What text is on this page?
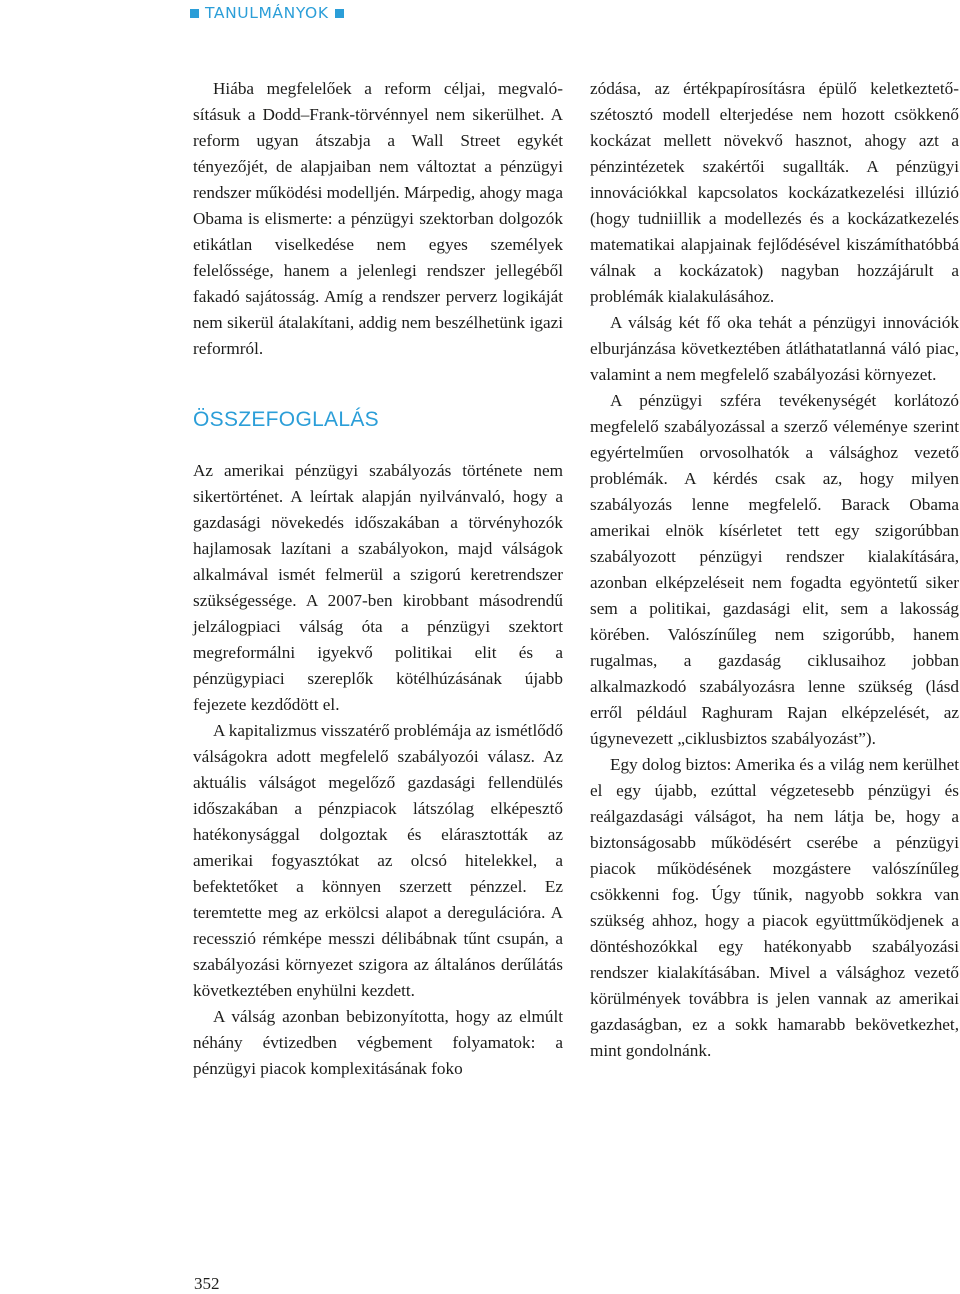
TANULMÁNYOK

Hiába megfelelőek a reform céljai, megvalósításuk a Dodd–Frank-törvénnyel nem sikerülhet. A reform ugyan átszabja a Wall Street egykét tényezőjét, de alapjaiban nem változtat a pénzügyi rendszer működési modelljén. Márpedig, ahogy maga Obama is elismerte: a pénzügyi szektorban dolgozók etikátlan viselkedése nem egyes személyek felelőssége, hanem a jelenlegi rendszer jellegéből fakadó sajátosság. Amíg a rendszer perverz logikáját nem sikerül átalakítani, addig nem beszélhetünk igazi reformról.

ÖSSZEFOGLALÁS

Az amerikai pénzügyi szabályozás története nem sikertörténet. A leírtak alapján nyilvánvaló, hogy a gazdasági növekedés időszakában a törvényhozók hajlamosak lazítani a szabályokon, majd válságok alkalmával ismét felmerül a szigorú keretrendszer szükségessége. A 2007-ben kirobbant másodrendű jelzálogpiaci válság óta a pénzügyi szektort megreformálni igyekvő politikai elit és a pénzügypiaci szereplők kötélhúzásának újabb fejezete kezdődött el.

A kapitalizmus visszatérő problémája az ismétlődő válságokra adott megfelelő szabályozói válasz. Az aktuális válságot megelőző gazdasági fellendülés időszakában a pénzpiacok látszólag elképesztő hatékonysággal dolgoztak és elárasztották az amerikai fogyasztókat az olcsó hitelekkel, a befektetőket a könnyen szerzett pénzzel. Ez teremtette meg az erkölcsi alapot a deregulációra. A recesszió rémképe messzi délibábnak tűnt csupán, a szabályozási környezet szigora az általános derűlátás következtében enyhülni kezdett.

A válság azonban bebizonyította, hogy az elmúlt néhány évtizedben végbement folyamatok: a pénzügyi piacok komplexitásának foko

zódása, az értékpapírosításra épülő keletkeztető-szétosztó modell elterjedése nem hozott csökkenő kockázat mellett növekvő hasznot, ahogy azt a pénzintézetek szakértői sugallták. A pénzügyi innovációkkal kapcsolatos kockázatkezelési illúzió (hogy tudniillik a modellezés és a kockázatkezelés matematikai alapjainak fejlődésével kiszámíthatóbbá válnak a kockázatok) nagyban hozzájárult a problémák kialakulásához.

A válság két fő oka tehát a pénzügyi innovációk elburjánzása következtében átláthatatlanná váló piac, valamint a nem megfelelő szabályozási környezet.

A pénzügyi szféra tevékenységét korlátozó megfelelő szabályozással a szerző véleménye szerint egyértelműen orvosolhatók a válsághoz vezető problémák. A kérdés csak az, hogy milyen szabályozás lenne megfelelő. Barack Obama amerikai elnök kísérletet tett egy szigorúbban szabályozott pénzügyi rendszer kialakítására, azonban elképzeléseit nem fogadta egyöntetű siker sem a politikai, gazdasági elit, sem a lakosság körében. Valószínűleg nem szigorúbb, hanem rugalmas, a gazdaság ciklusaihoz jobban alkalmazkodó szabályozásra lenne szükség (lásd erről például Raghuram Rajan elképzelését, az úgynevezett „ciklusbiztos szabályozást”).

Egy dolog biztos: Amerika és a világ nem kerülhet el egy újabb, ezúttal végzetesebb pénzügyi és reálgazdasági válságot, ha nem látja be, hogy a biztonságosabb működésért cserébe a pénzügyi piacok működésének mozgástere valószínűleg csökkenni fog. Úgy tűnik, nagyobb sokkra van szükség ahhoz, hogy a piacok együttműködjenek a döntéshozókkal egy hatékonyabb szabályozási rendszer kialakításában. Mivel a válsághoz vezető körülmények továbbra is jelen vannak az amerikai gazdaságban, ez a sokk hamarabb bekövetkezhet, mint gondolnánk.

352
